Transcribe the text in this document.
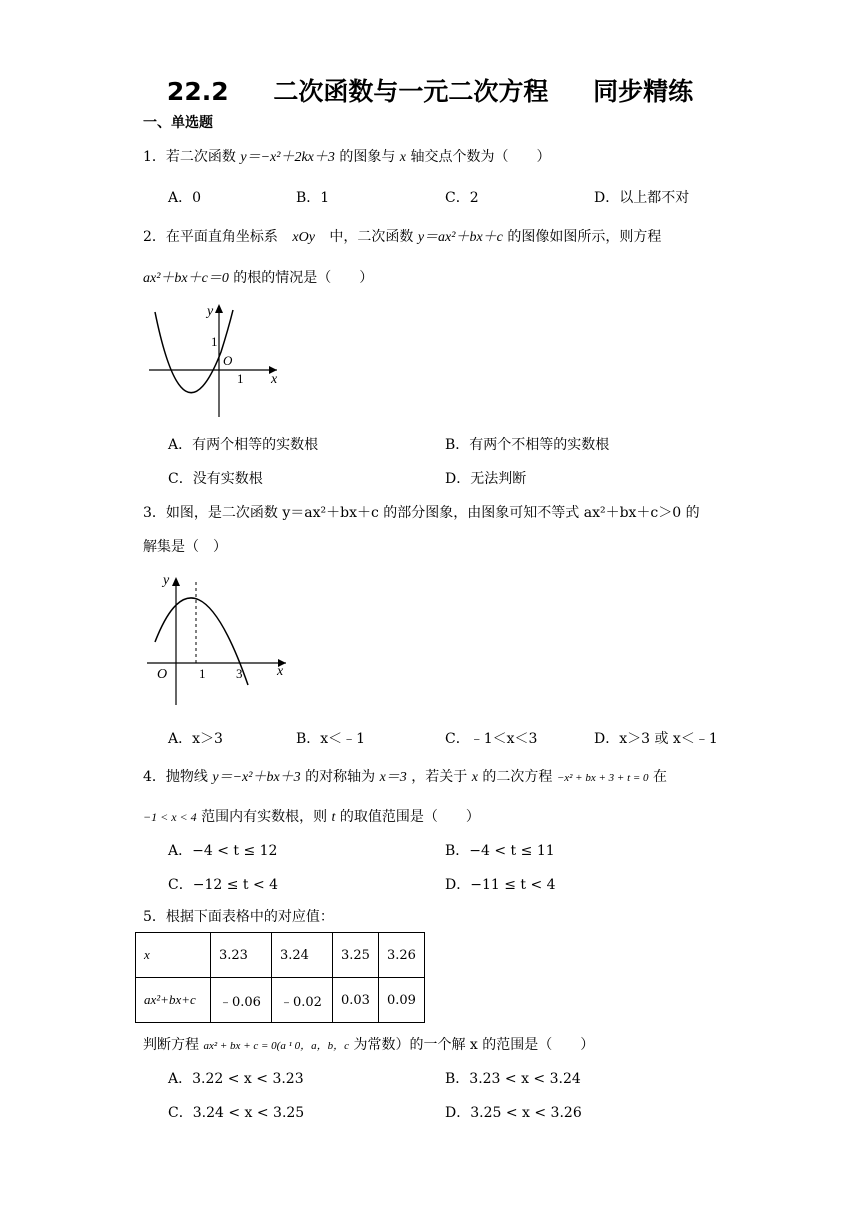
22.2 二次函数与一元二次方程 同步精练
一、单选题
1．若二次函数 y＝−x²＋2kx＋3 的图象与 x 轴交点个数为（　　）
A．0	B．1	C．2	D．以上都不对
2．在平面直角坐标系 xOy 中，二次函数 y＝ax²＋bx＋c 的图像如图所示，则方程
ax²＋bx＋c＝0 的根的情况是（　　）
y
x
1
O
1
A．有两个相等的实数根	B．有两个不相等的实数根
C．没有实数根	D．无法判断
3．如图，是二次函数 y＝ax²＋bx＋c 的部分图象，由图象可知不等式 ax²＋bx＋c＞0 的
解集是（　）
y
x
O 1 3
A．x＞3	B．x＜﹣1	C．﹣1＜x＜3	D．x＞3 或 x＜﹣1
4．抛物线 y＝−x²＋bx＋3 的对称轴为 x＝3 ，若关于 x 的二次方程 −x² + bx + 3 + t = 0 在
−1 < x < 4 范围内有实数根，则 t 的取值范围是（　　）
A．−4 < t ≤ 12	B．−4 < t ≤ 11
C．−12 ≤ t < 4	D．−11 ≤ t < 4
5．根据下面表格中的对应值：
x	3.23	3.24	3.25	3.26
ax²+bx+c	﹣0.06	﹣0.02	0.03	0.09
判断方程 ax² + bx + c = 0(a ¹ 0，a，b，c 为常数）的一个解 x 的范围是（　　）
A．3.22 < x < 3.23	B．3.23 < x < 3.24
C．3.24 < x < 3.25	D．3.25 < x < 3.26
